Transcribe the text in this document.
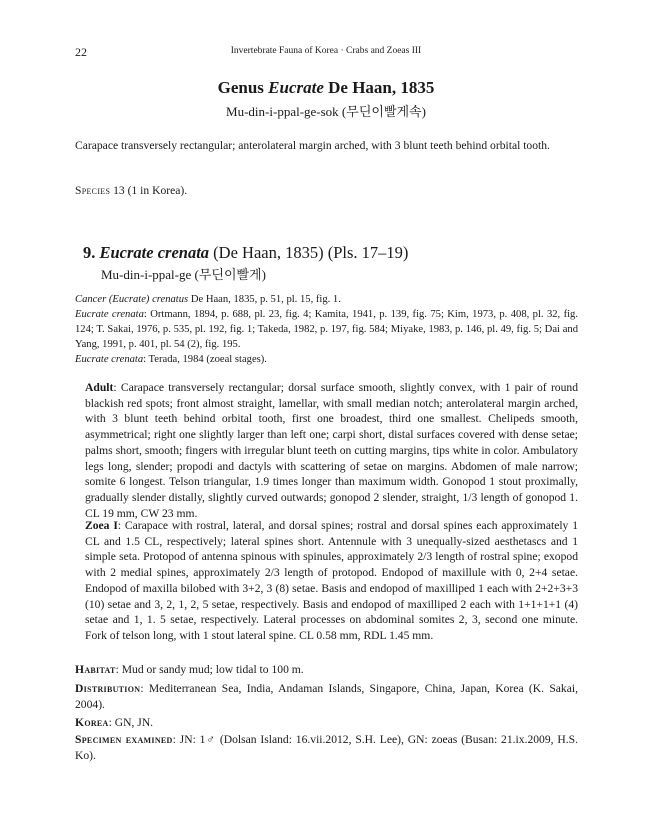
22	Invertebrate Fauna of Korea · Crabs and Zoeas III
Genus Eucrate De Haan, 1835
Mu-din-i-ppal-ge-sok (무딘이빨게속)

Carapace transversely rectangular; anterolateral margin arched, with 3 blunt teeth behind orbital tooth.

Species 13 (1 in Korea).

9. Eucrate crenata (De Haan, 1835) (Pls. 17–19)
Mu-din-i-ppal-ge (무딘이빨게)
Cancer (Eucrate) crenatus De Haan, 1835, p. 51, pl. 15, fig. 1.
Eucrate crenata: Ortmann, 1894, p. 688, pl. 23, fig. 4; Kamita, 1941, p. 139, fig. 75; Kim, 1973, p. 408, pl. 32, fig. 124; T. Sakai, 1976, p. 535, pl. 192, fig. 1; Takeda, 1982, p. 197, fig. 584; Miyake, 1983, p. 146, pl. 49, fig. 5; Dai and Yang, 1991, p. 401, pl. 54 (2), fig. 195.
Eucrate crenata: Terada, 1984 (zoeal stages).

Adult: Carapace transversely rectangular; dorsal surface smooth, slightly convex, with 1 pair of round blackish red spots; front almost straight, lamellar, with small median notch; anterolateral margin arched, with 3 blunt teeth behind orbital tooth, first one broadest, third one smallest. Chelipeds smooth, asymmetrical; right one slightly larger than left one; carpi short, distal surfaces covered with dense setae; palms short, smooth; fingers with irregular blunt teeth on cutting margins, tips white in color. Ambulatory legs long, slender; propodi and dactyls with scattering of setae on margins. Abdomen of male narrow; somite 6 longest. Telson triangular, 1.9 times longer than maximum width. Gonopod 1 stout proximally, gradually slender distally, slightly curved outwards; gonopod 2 slender, straight, 1/3 length of gonopod 1. CL 19 mm, CW 23 mm.

Zoea I: Carapace with rostral, lateral, and dorsal spines; rostral and dorsal spines each approximately 1 CL and 1.5 CL, respectively; lateral spines short. Antennule with 3 unequally-sized aesthetascs and 1 simple seta. Protopod of antenna spinous with spinules, approximately 2/3 length of rostral spine; exopod with 2 medial spines, approximately 2/3 length of protopod. Endopod of maxillule with 0, 2+4 setae. Endopod of maxilla bilobed with 3+2, 3 (8) setae. Basis and endopod of maxilliped 1 each with 2+2+3+3 (10) setae and 3, 2, 1, 2, 5 setae, respectively. Basis and endopod of maxilliped 2 each with 1+1+1+1 (4) setae and 1, 1. 5 setae, respectively. Lateral processes on abdominal somites 2, 3, second one minute. Fork of telson long, with 1 stout lateral spine. CL 0.58 mm, RDL 1.45 mm.

Habitat: Mud or sandy mud; low tidal to 100 m.

Distribution: Mediterranean Sea, India, Andaman Islands, Singapore, China, Japan, Korea (K. Sakai, 2004).

Korea: GN, JN.

Specimen examined: JN: 1♂ (Dolsan Island: 16.vii.2012, S.H. Lee), GN: zoeas (Busan: 21.ix.2009, H.S. Ko).
